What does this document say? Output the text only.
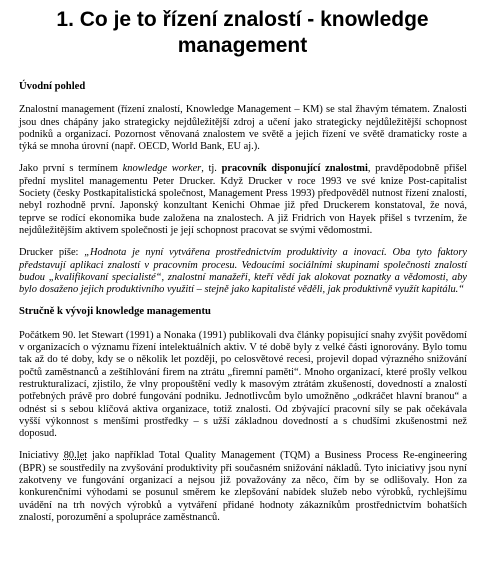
1. Co je to řízení znalostí - knowledge management
Úvodní pohled

Znalostní management (řízení znalostí, Knowledge Management – KM) se stal žhavým tématem. Znalosti jsou dnes chápány jako strategicky nejdůležitější zdroj a učení jako strategicky nejdůležitější schopnost podniků a organizací. Pozornost věnovaná znalostem ve světě a jejich řízení ve světě dramaticky roste a týká se mnoha úrovní (např. OECD, World Bank, EU aj.).

Jako první s termínem knowledge worker, tj. pracovník disponující znalostmi, pravděpodobně přišel přední myslitel managementu Peter Drucker. Když Drucker v roce 1993 ve své knize Post-capitalist Society (česky Postkapitalistická společnost, Management Press 1993) předpověděl nutnost řízení znalostí, nebyl rozhodně první. Japonský konzultant Kenichi Ohmae již před Druckerem konstatoval, že nová, teprve se rodící ekonomika bude založena na znalostech. A již Fridrich von Hayek přišel s tvrzením, že nejdůležitějším aktivem společnosti je její schopnost pracovat se svými vědomostmi.

Drucker píše: „Hodnota je nyní vytvářena prostřednictvím produktivity a inovací. Oba tyto faktory představují aplikaci znalostí v pracovním procesu. Vedoucími sociálními skupinami společnosti znalostí budou „kvalifikovaní specialisté“, znalostní manažeři, kteří vědí jak alokovat poznatky a vědomosti, aby bylo dosaženo jejich produktivního využití – stejně jako kapitalisté věděli, jak produktivně využít kapitálu.“

Stručně k vývoji knowledge managementu

Počátkem 90. let Stewart (1991) a Nonaka (1991) publikovali dva články popisující snahy zvýšit povědomí v organizacích o významu řízení intelektuálních aktiv. V té době byly z velké části ignorovány. Bylo tomu tak až do té doby, kdy se o několik let později, po celosvětové recesi, projevil dopad výrazného snižování počtů zaměstnanců a zeštíhlování firem na ztrátu „firemní paměti“. Mnoho organizací, které prošly velkou restrukturalizací, zjistilo, že vlny propouštění vedly k masovým ztrátám zkušeností, dovedností a znalostí potřebných právě pro dobré fungování podniku. Jednotlivcům bylo umožněno „odkráčet hlavní branou“ a odnést si s sebou klíčová aktiva organizace, totiž znalosti. Od zbývající pracovní síly se pak očekávala vyšší výkonnost s menšími prostředky – s užší základnou dovedností a s chudšími zkušenostmi než doposud.

Iniciativy 80.let jako například Total Quality Management (TQM) a Business Process Re-engineering (BPR) se soustředily na zvyšování produktivity při současném snižování nákladů. Tyto iniciativy jsou nyní zakotveny ve fungování organizací a nejsou již považovány za něco, čím by se odlišovaly. Hon za konkurenčními výhodami se posunul směrem ke zlepšování nabídek služeb nebo výrobků, rychlejšímu uvádění na trh nových výrobků a vytváření přidané hodnoty zákazníkům prostřednictvím bohatších znalostí, porozumění a spolupráce zaměstnanců.
